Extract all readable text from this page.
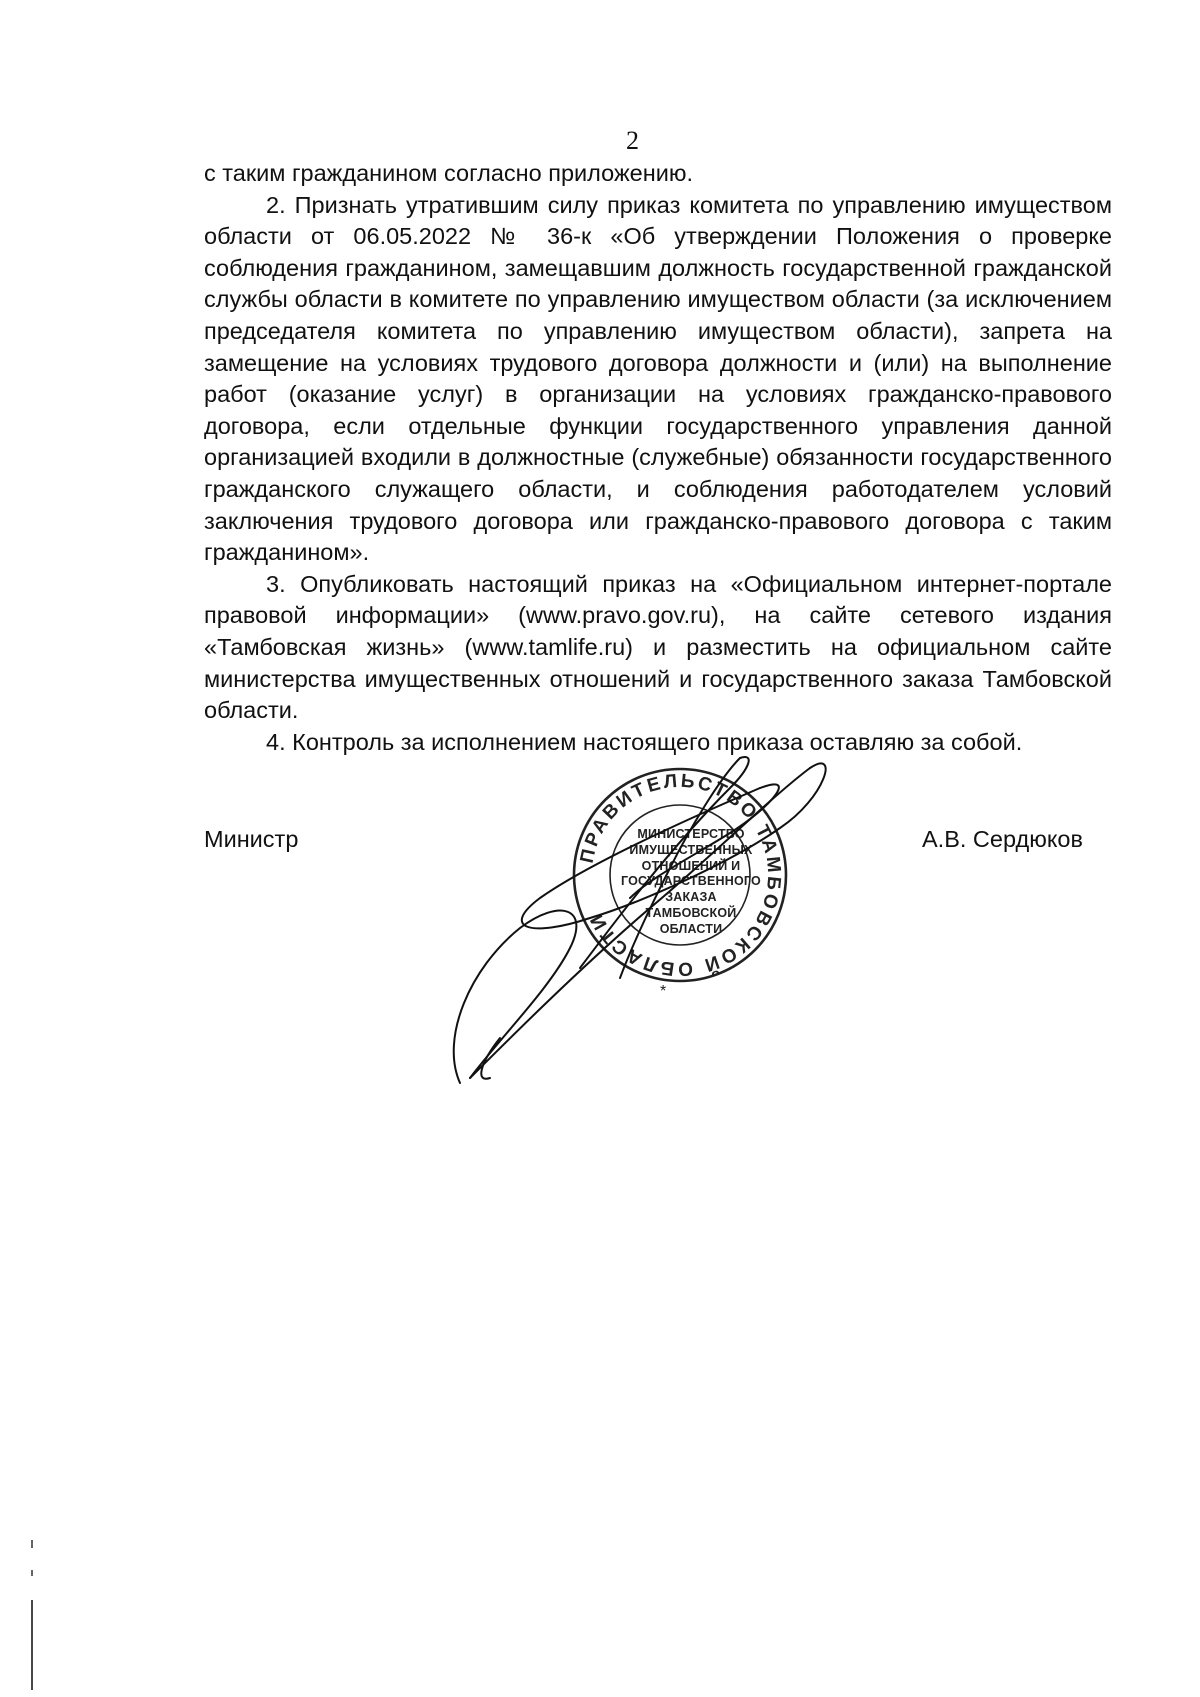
2

с таким гражданином согласно приложению.

2. Признать утратившим силу приказ комитета по управлению имуществом области от 06.05.2022 № 36-к «Об утверждении Положения о проверке соблюдения гражданином, замещавшим должность государственной гражданской службы области в комитете по управлению имуществом области (за исключением председателя комитета по управлению имуществом области), запрета на замещение на условиях трудового договора должности и (или) на выполнение работ (оказание услуг) в организации на условиях гражданско-правового договора, если отдельные функции государственного управления данной организацией входили в должностные (служебные) обязанности государственного гражданского служащего области, и соблюдения работодателем условий заключения трудового договора или гражданско-правового договора с таким гражданином».

3. Опубликовать настоящий приказ на «Официальном интернет-портале правовой информации» (www.pravo.gov.ru), на сайте сетевого издания «Тамбовская жизнь» (www.tamlife.ru) и разместить на официальном сайте министерства имущественных отношений и государственного заказа Тамбовской области.

4. Контроль за исполнением настоящего приказа оставляю за собой.

Министр	А.В. Сердюков
ПРАВИТЕЛЬСТВО ТАМБОВСКОЙ ОБЛАСТИ
МИНИСТЕРСТВО
ИМУЩЕСТВЕННЫХ
ОТНОШЕНИЙ И
ГОСУДАРСТВЕННОГО
ЗАКАЗА
ТАМБОВСКОЙ
ОБЛАСТИ
*
